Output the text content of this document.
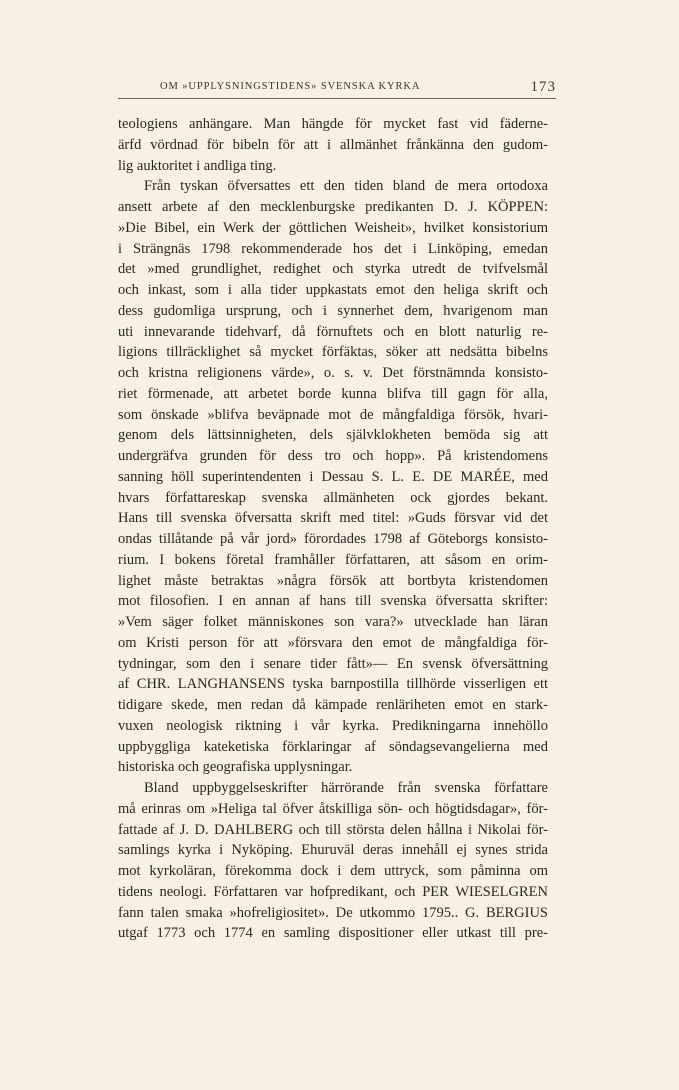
OM »UPPLYSNINGSTIDENS» SVENSKA KYRKA	173
teologiens anhängare. Man hängde för mycket fast vid fäderne-
ärfd vördnad för bibeln för att i allmänhet frånkänna den gudom-
lig auktoritet i andliga ting.
Från tyskan öfversattes ett den tiden bland de mera ortodoxa
ansett arbete af den mecklenburgske predikanten D. J. KÖPPEN:
»Die Bibel, ein Werk der göttlichen Weisheit», hvilket konsistorium
i Strängnäs 1798 rekommenderade hos det i Linköping, emedan
det »med grundlighet, redighet och styrka utredt de tvifvelsmål
och inkast, som i alla tider uppkastats emot den heliga skrift och
dess gudomliga ursprung, och i synnerhet dem, hvarigenom man
uti innevarande tidehvarf, då förnuftets och en blott naturlig re-
ligions tillräcklighet så mycket förfäktas, söker att nedsätta bibelns
och kristna religionens värde», o. s. v. Det förstnämnda konsisto-
riet förmenade, att arbetet borde kunna blifva till gagn för alla,
som önskade »blifva beväpnade mot de mångfaldiga försök, hvari-
genom dels lättsinnigheten, dels självklokheten bemöda sig att
undergräfva grunden för dess tro och hopp». På kristendomens
sanning höll superintendenten i Dessau S. L. E. DE MARÉE, med
hvars författareskap svenska allmänheten ock gjordes bekant.
Hans till svenska öfversatta skrift med titel: »Guds försvar vid det
ondas tillåtande på vår jord» förordades 1798 af Göteborgs konsisto-
rium. I bokens företal framhåller författaren, att såsom en orim-
lighet måste betraktas »några försök att bortbyta kristendomen
mot filosofien. I en annan af hans till svenska öfversatta skrifter:
»Vem säger folket människones son vara?» utvecklade han läran
om Kristi person för att »försvara den emot de mångfaldiga för-
tydningar, som den i senare tider fått»— En svensk öfversättning
af CHR. LANGHANSENS tyska barnpostilla tillhörde visserligen ett
tidigare skede, men redan då kämpade renläriheten emot en stark-
vuxen neologisk riktning i vår kyrka. Predikningarna innehöllo
uppbyggliga kateketiska förklaringar af söndagsevangelierna med
historiska och geografiska upplysningar.
Bland uppbyggelseskrifter härrörande från svenska författare
må erinras om »Heliga tal öfver åtskilliga sön- och högtidsdagar», för-
fattade af J. D. DAHLBERG och till största delen hållna i Nikolai för-
samlings kyrka i Nyköping. Ehuruväl deras innehåll ej synes strida
mot kyrkoläran, förekomma dock i dem uttryck, som påminna om
tidens neologi. Författaren var hofpredikant, och PER WIESELGREN
fann talen smaka »hofreligiositet». De utkommo 1795.. G. BERGIUS
utgaf 1773 och 1774 en samling dispositioner eller utkast till pre-
